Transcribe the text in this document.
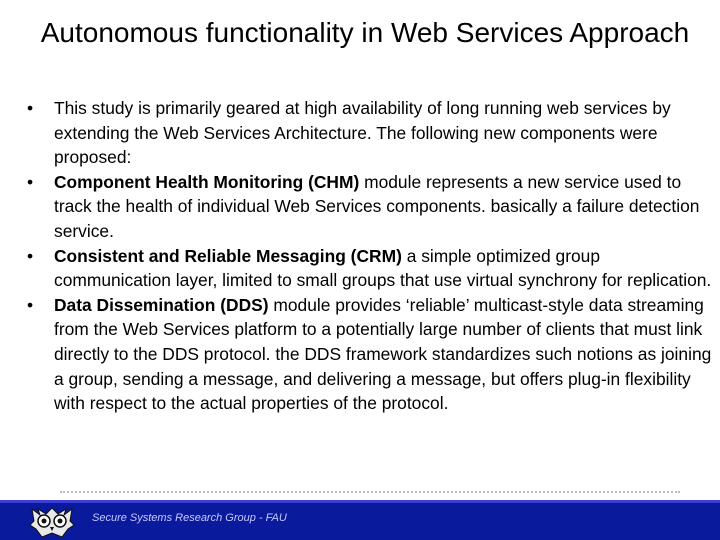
Autonomous functionality in Web Services Approach
• This study is primarily geared at high availability of long running web services by extending the Web Services Architecture. The following new components were proposed:
• Component Health Monitoring (CHM) module represents a new service used to track the health of individual Web Services components. basically a failure detection service.
• Consistent and Reliable Messaging (CRM) a simple optimized group communication layer, limited to small groups that use virtual synchrony for replication.
• Data Dissemination (DDS) module provides ‘reliable’ multicast-style data streaming from the Web Services platform to a potentially large number of clients that must link directly to the DDS protocol. the DDS framework standardizes such notions as joining a group, sending a message, and delivering a message, but offers plug-in flexibility with respect to the actual properties of the protocol.
Secure Systems Research Group - FAU
